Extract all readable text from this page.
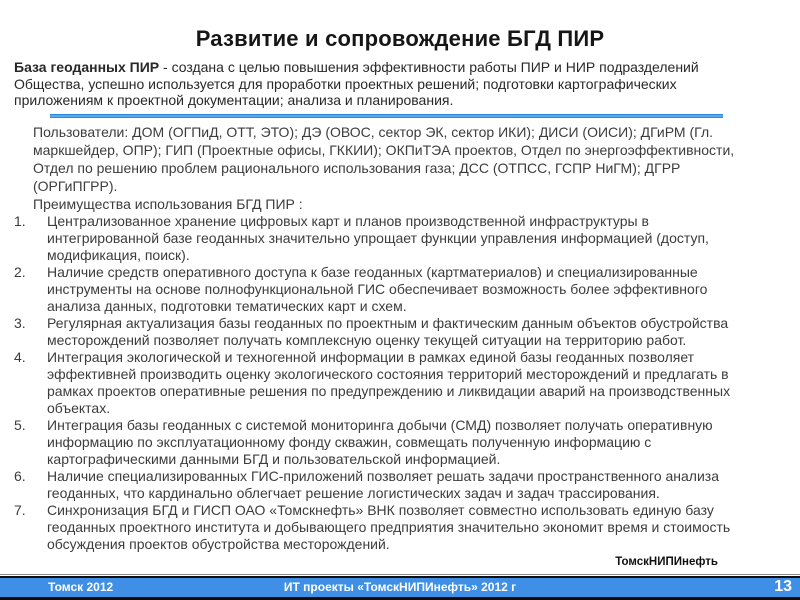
Развитие и сопровождение БГД ПИР
База геоданных ПИР - создана с целью повышения эффективности работы ПИР и НИР подразделений Общества, успешно используется для проработки проектных решений; подготовки картографических приложениям к проектной документации; анализа и планирования.

Пользователи: ДОМ (ОГПиД, ОТТ, ЭТО); ДЭ (ОВОС, сектор ЭК, сектор ИКИ); ДИСИ (ОИСИ); ДГиРМ (Гл. маркшейдер, ОПР); ГИП (Проектные офисы, ГККИИ); ОКПиТЭА проектов, Отдел по энергоэффективности, Отдел по решению проблем рационального использования газа; ДСС (ОТПСС, ГСПР НиГМ); ДГРР (ОРГиПГРР).

Преимущества использования БГД ПИР :

Централизованное хранение цифровых карт и планов производственной инфраструктуры в интегрированной базе геоданных значительно упрощает функции управления информацией (доступ, модификация, поиск).
Наличие средств оперативного доступа к базе геоданных (картматериалов) и специализированные инструменты на основе полнофункциональной ГИС обеспечивает возможность более эффективного анализа данных, подготовки тематических карт и схем.
Регулярная актуализация базы геоданных по проектным и фактическим данным объектов обустройства месторождений позволяет получать комплексную оценку текущей ситуации на территорию работ.
Интеграция экологической и техногенной информации в рамках единой базы геоданных позволяет эффективней производить оценку экологического состояния территорий месторождений и предлагать в рамках проектов оперативные решения по предупреждению и ликвидации аварий на производственных объектах.
Интеграция базы геоданных с системой мониторинга добычи (СМД) позволяет получать оперативную информацию по эксплуатационному фонду скважин, совмещать полученную информацию с картографическими данными БГД и пользовательской информацией.
Наличие специализированных ГИС-приложений позволяет решать задачи пространственного анализа геоданных, что кардинально облегчает решение логистических задач и задач трассирования.
Синхронизация БГД и ГИСП ОАО «Томскнефть» ВНК позволяет совместно использовать единую базу геоданных проектного института и добывающего предприятия значительно экономит время и стоимость обсуждения проектов обустройства месторождений.
ТомскНИПИнефть
Томск 2012	ИТ проекты «ТомскНИПИнефть» 2012 г	13
